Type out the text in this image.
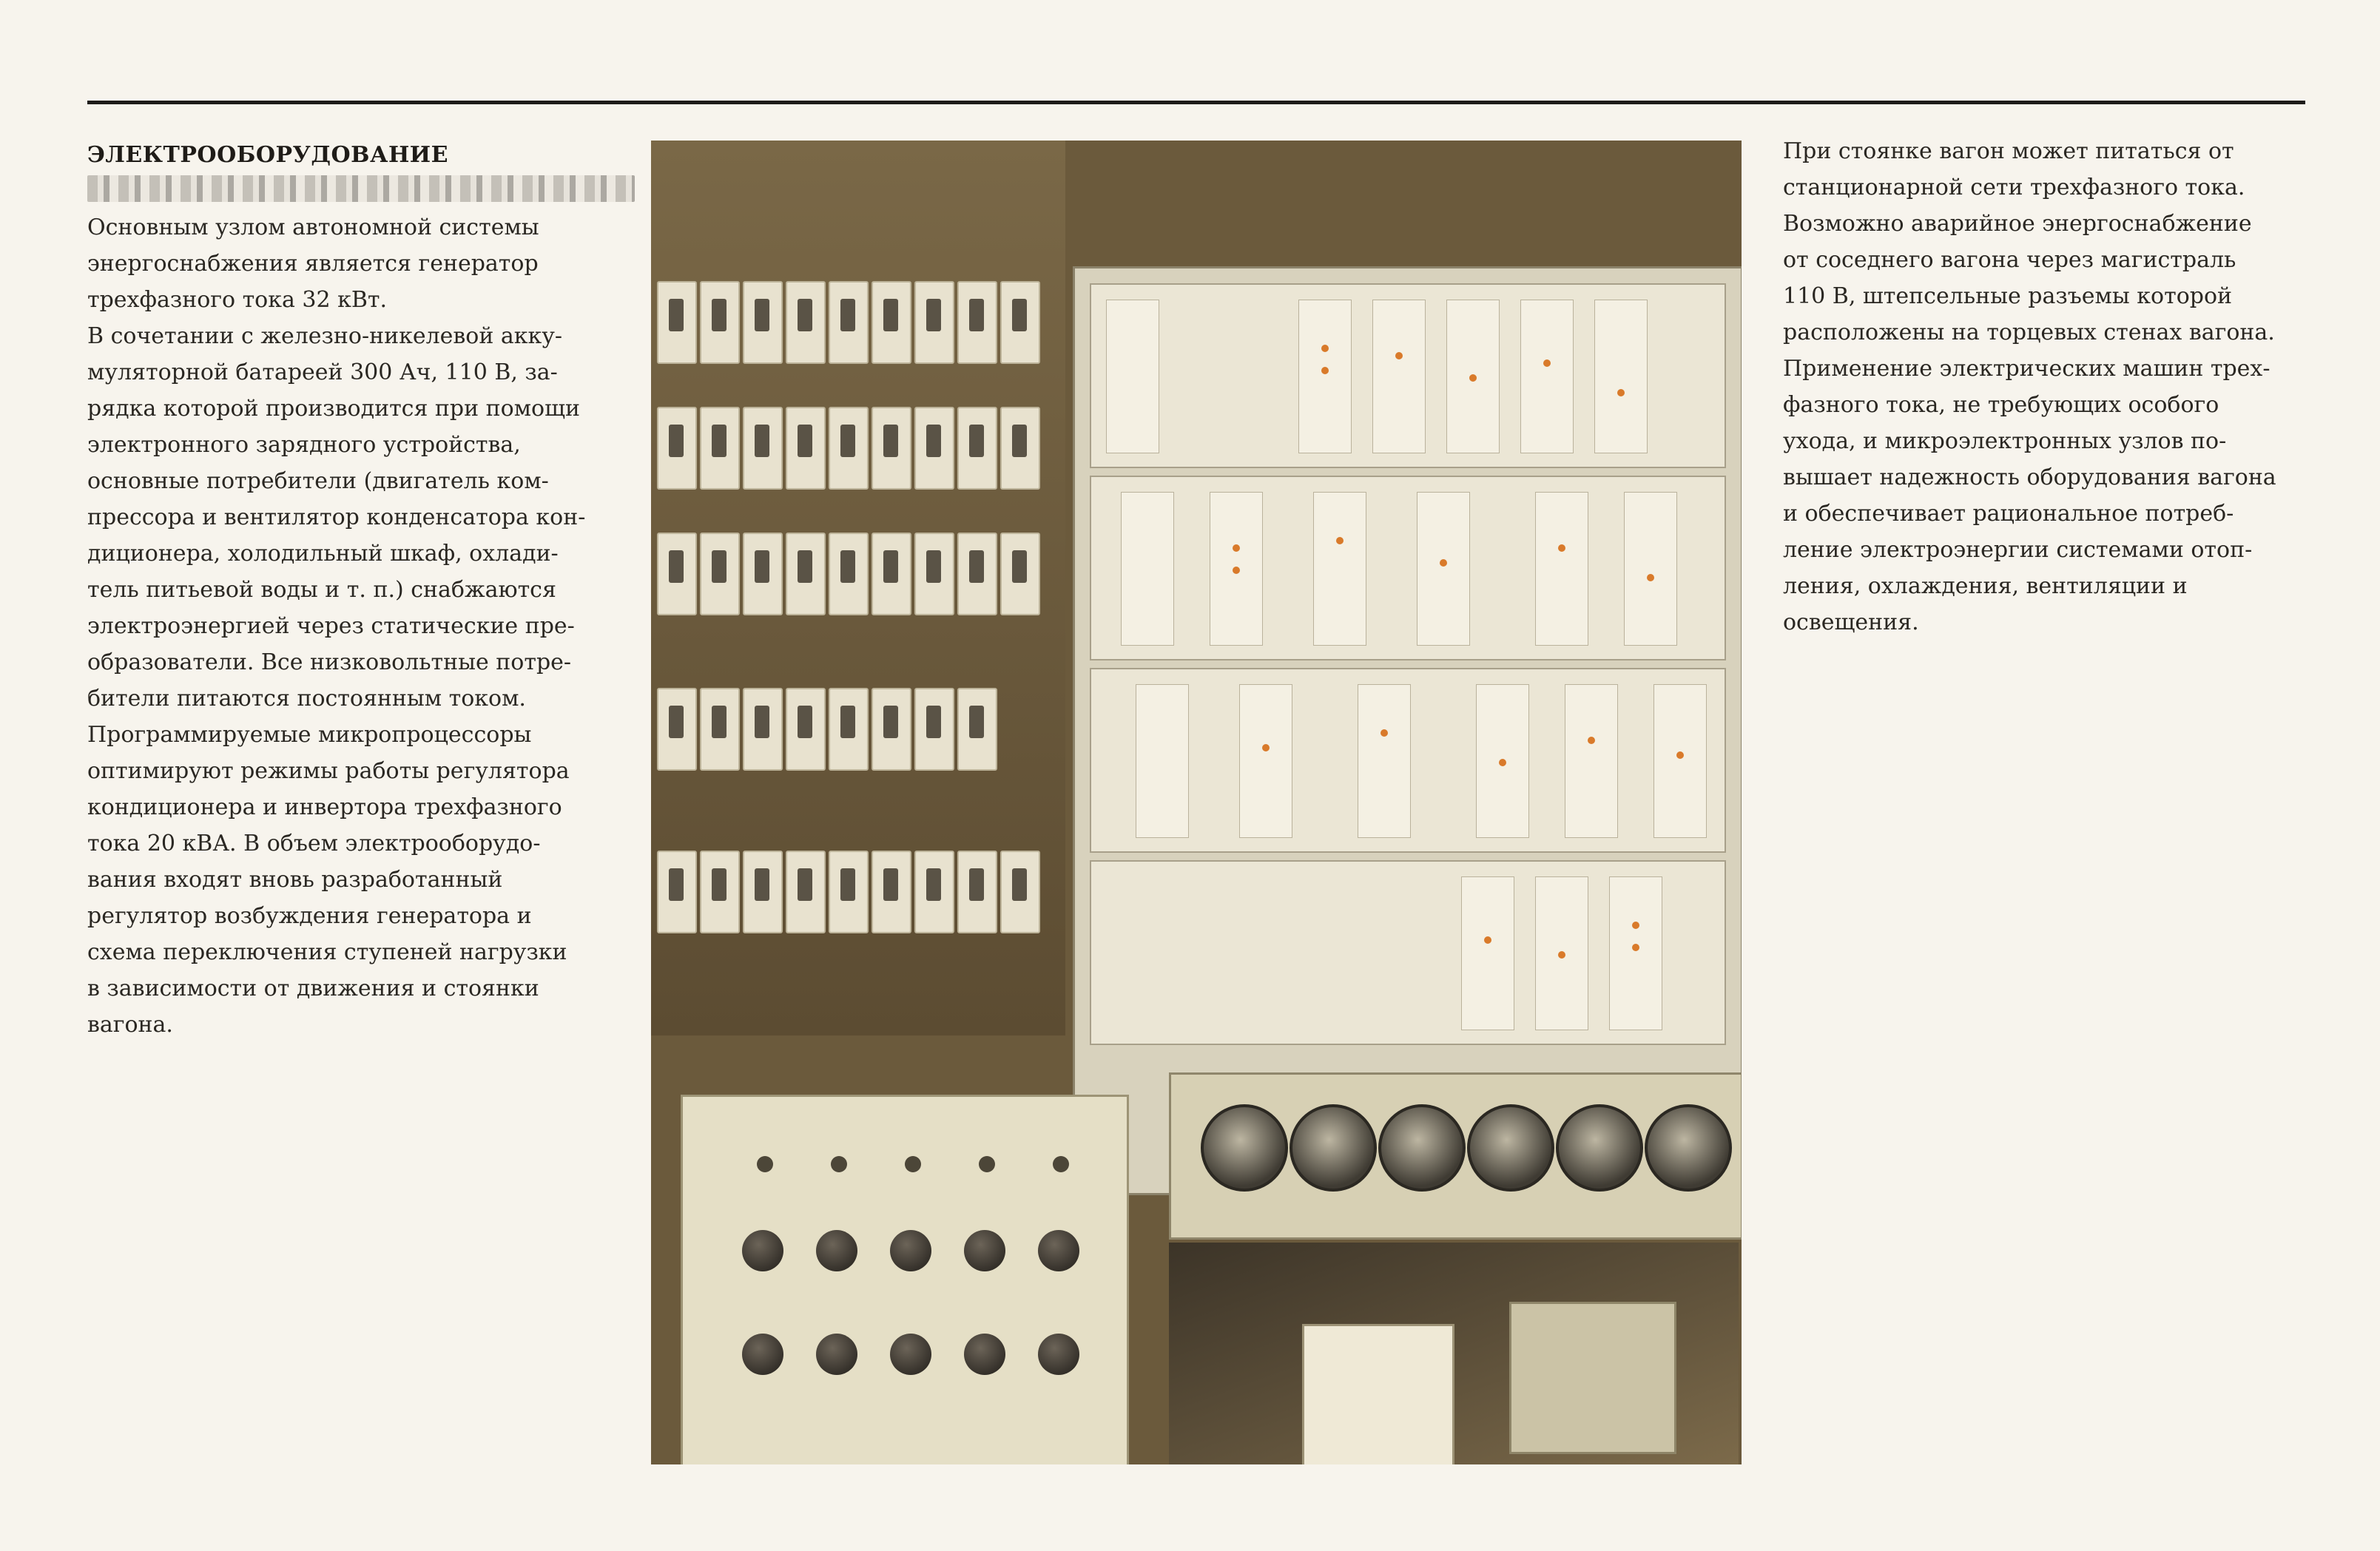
ЭЛЕКТРООБОРУДОВАНИЕ

Основным узлом автономной системы
энергоснабжения является генератор
трехфазного тока 32 кВт.
В сочетании с железно-никелевой акку-
муляторной батареей 300 Ач, 110 В, за-
рядка которой производится при помощи
электронного зарядного устройства,
основные потребители (двигатель ком-
прессора и вентилятор конденсатора кон-
диционера, холодильный шкаф, охлади-
тель питьевой воды и т. п.) снабжаются
электроэнергией через статические пре-
образователи. Все низковольтные потре-
бители питаются постоянным током.
Программируемые микропроцессоры
оптимируют режимы работы регулятора
кондиционера и инвертора трехфазного
тока 20 кВА. В объем электрооборудо-
вания входят вновь разработанный
регулятор возбуждения генератора и
схема переключения ступеней нагрузки
в зависимости от движения и стоянки
вагона.

При стоянке вагон может питаться от
станционарной сети трехфазного тока.
Возможно аварийное энергоснабжение
от соседнего вагона через магистраль
110 В, штепсельные разъемы которой
расположены на торцевых стенах вагона.
Применение электрических машин трех-
фазного тока, не требующих особого
ухода, и микроэлектронных узлов по-
вышает надежность оборудования вагона
и обеспечивает рациональное потреб-
ление электроэнергии системами отоп-
ления, охлаждения, вентиляции и
освещения.
